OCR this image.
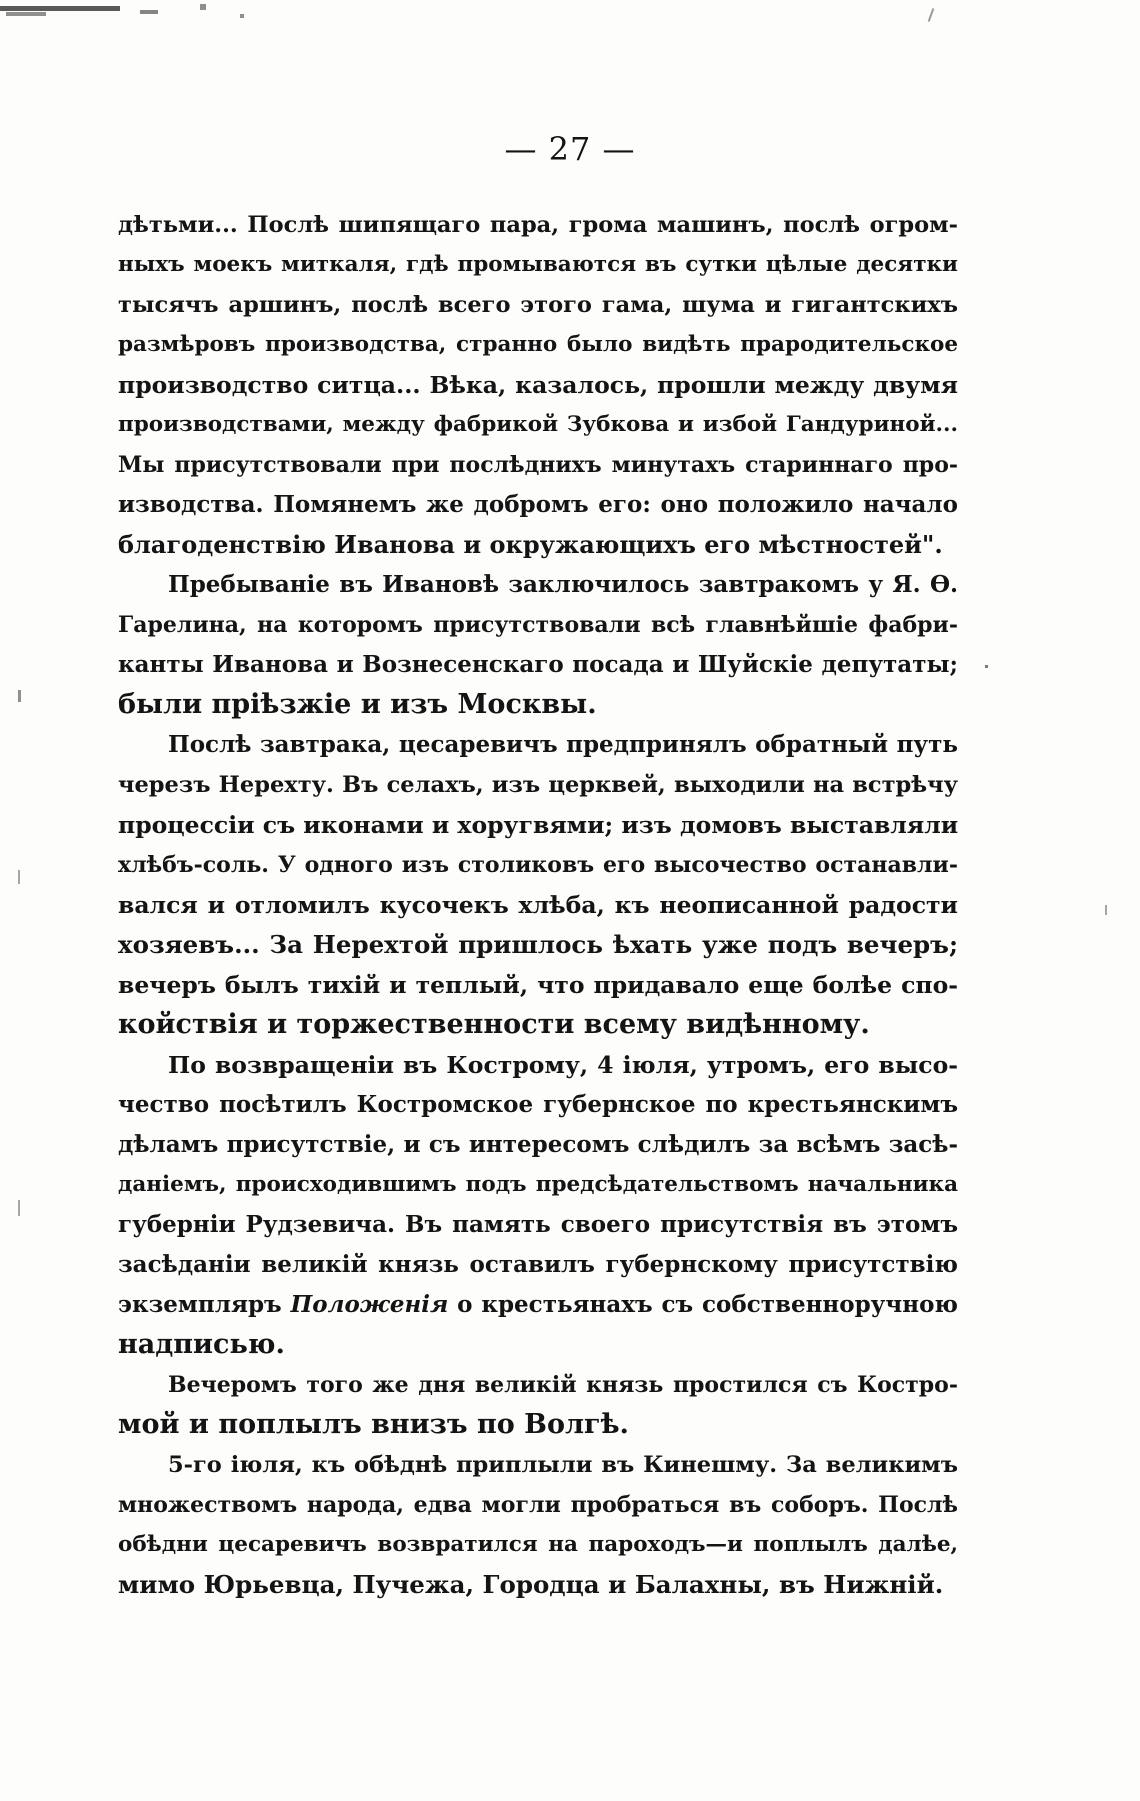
— 27 —
дѣтьми... Послѣ шипящаго пара, грома машинъ, послѣ огром-
ныхъ моекъ миткаля, гдѣ промываются въ сутки цѣлые десятки
тысячъ аршинъ, послѣ всего этого гама, шума и гигантскихъ
размѣровъ производства, странно было видѣть прародительское
производство ситца... Вѣка, казалось, прошли между двумя
производствами, между фабрикой Зубкова и избой Гандуриной...
Мы присутствовали при послѣднихъ минутахъ стариннаго про-
изводства. Помянемъ же добромъ его: оно положило начало
благоденствію Иванова и окружающихъ его мѣстностей".
Пребываніе въ Ивановѣ заключилось завтракомъ у Я. Ѳ.
Гарелина, на которомъ присутствовали всѣ главнѣйшіе фабри-
канты Иванова и Вознесенскаго посада и Шуйскіе депутаты;
были пріѣзжіе и изъ Москвы.
Послѣ завтрака, цесаревичъ предпринялъ обратный путь
черезъ Нерехту. Въ селахъ, изъ церквей, выходили на встрѣчу
процессіи съ иконами и хоругвями; изъ домовъ выставляли
хлѣбъ-соль. У одного изъ столиковъ его высочество останавли-
вался и отломилъ кусочекъ хлѣба, къ неописанной радости
хозяевъ... За Нерехтой пришлось ѣхать уже подъ вечеръ;
вечеръ былъ тихій и теплый, что придавало еще болѣе спо-
койствія и торжественности всему видѣнному.
По возвращеніи въ Кострому, 4 іюля, утромъ, его высо-
чество посѣтилъ Костромское губернское по крестьянскимъ
дѣламъ присутствіе, и съ интересомъ слѣдилъ за всѣмъ засѣ-
даніемъ, происходившимъ подъ предсѣдательствомъ начальника
губерніи Рудзевича. Въ память своего присутствія въ этомъ
засѣданіи великій князь оставилъ губернскому присутствію
экземпляръ Положенія о крестьянахъ съ собственноручною
надписью.
Вечеромъ того же дня великій князь простился съ Костро-
мой и поплылъ внизъ по Волгѣ.
5-го іюля, къ обѣднѣ приплыли въ Кинешму. За великимъ
множествомъ народа, едва могли пробраться въ соборъ. Послѣ
обѣдни цесаревичъ возвратился на пароходъ—и поплылъ далѣе,
мимо Юрьевца, Пучежа, Городца и Балахны, въ Нижній.
